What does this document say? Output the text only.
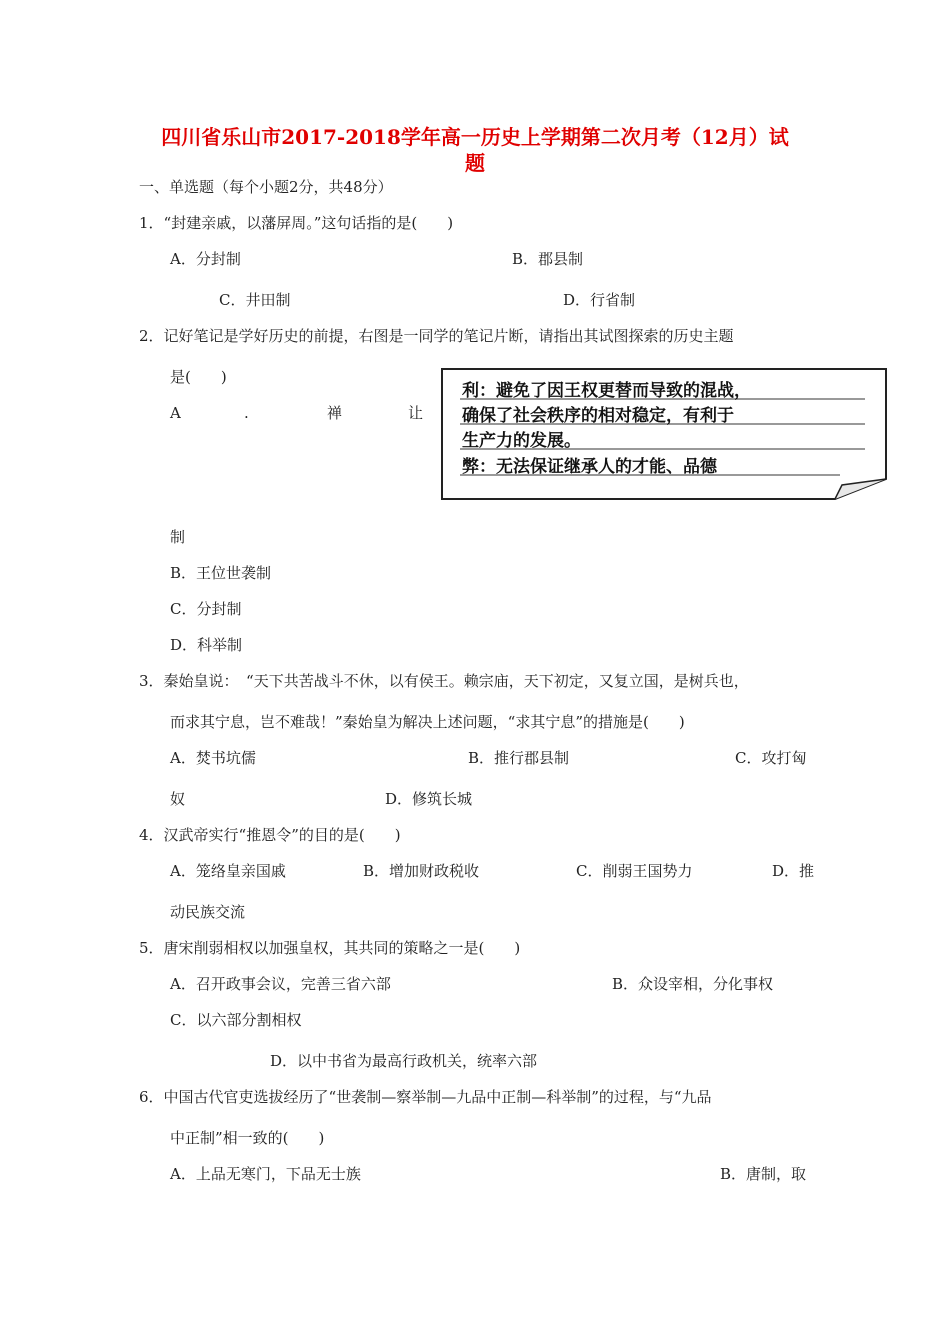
四川省乐山市2017-2018学年高一历史上学期第二次月考（12月）试
题
一、单选题（每个小题2分，共48分）
1．“封建亲戚，以藩屏周。”这句话指的是(　　)
A．分封制	B．郡县制
C．井田制	D．行省制
2．记好笔记是学好历史的前提，右图是一同学的笔记片断，请指出其试图探索的历史主题
是(　　)
A	.	禅	让
制
B．王位世袭制
C．分封制
D．科举制
利：避免了因王权更替而导致的混战，
确保了社会秩序的相对稳定，有利于
生产力的发展。
弊：无法保证继承人的才能、品德
3．秦始皇说：　“天下共苦战斗不休，以有侯王。赖宗庙，天下初定，又复立国，是树兵也，
而求其宁息，岂不难哉！”秦始皇为解决上述问题，“求其宁息”的措施是(　　)
A．焚书坑儒	B．推行郡县制	C．攻打匈
奴	D．修筑长城
4．汉武帝实行“推恩令”的目的是(　　)
A．笼络皇亲国戚	B．增加财政税收	C．削弱王国势力	D．推
动民族交流
5．唐宋削弱相权以加强皇权，其共同的策略之一是(　　)
A．召开政事会议，完善三省六部	B．众设宰相，分化事权
C．以六部分割相权
D．以中书省为最高行政机关，统率六部
6．中国古代官吏选拔经历了“世袭制—察举制—九品中正制—科举制”的过程，与“九品
中正制”相一致的(　　)
A．上品无寒门，下品无士族	B．唐制，取
